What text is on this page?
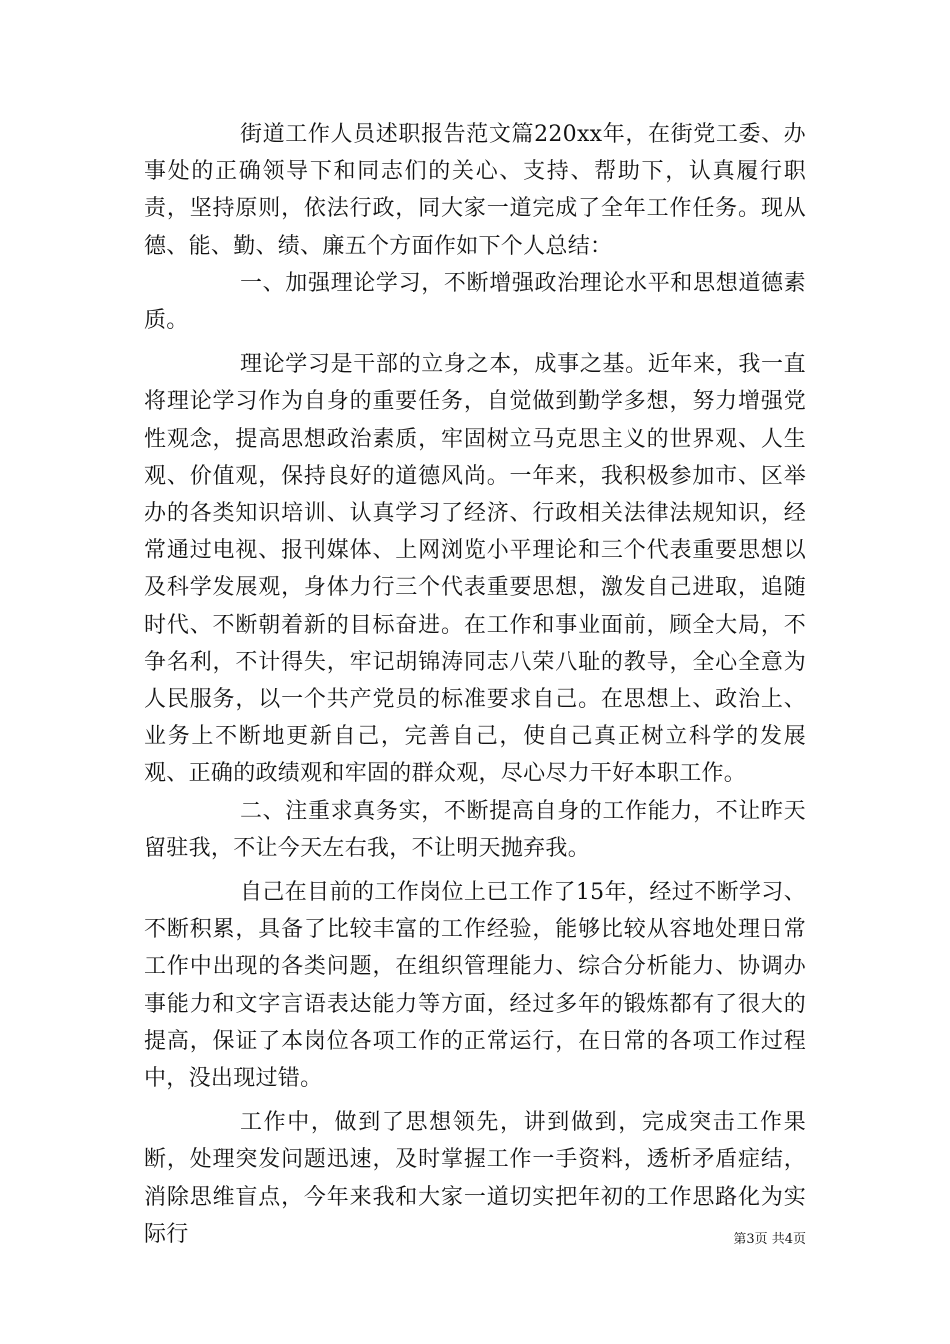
街道工作人员述职报告范文篇220xx年，在街党工委、办事处的正确领导下和同志们的关心、支持、帮助下，认真履行职责，坚持原则，依法行政，同大家一道完成了全年工作任务。现从德、能、勤、绩、廉五个方面作如下个人总结：

一、加强理论学习，不断增强政治理论水平和思想道德素质。

理论学习是干部的立身之本，成事之基。近年来，我一直将理论学习作为自身的重要任务，自觉做到勤学多想，努力增强党性观念，提高思想政治素质，牢固树立马克思主义的世界观、人生观、价值观，保持良好的道德风尚。一年来，我积极参加市、区举办的各类知识培训、认真学习了经济、行政相关法律法规知识，经常通过电视、报刊媒体、上网浏览小平理论和三个代表重要思想以及科学发展观，身体力行三个代表重要思想，激发自己进取，追随时代、不断朝着新的目标奋进。在工作和事业面前，顾全大局，不争名利，不计得失，牢记胡锦涛同志八荣八耻的教导，全心全意为人民服务，以一个共产党员的标准要求自己。在思想上、政治上、业务上不断地更新自己，完善自己，使自己真正树立科学的发展观、正确的政绩观和牢固的群众观，尽心尽力干好本职工作。

二、注重求真务实，不断提高自身的工作能力，不让昨天留驻我，不让今天左右我，不让明天抛弃我。

自己在目前的工作岗位上已工作了15年，经过不断学习、不断积累，具备了比较丰富的工作经验，能够比较从容地处理日常工作中出现的各类问题，在组织管理能力、综合分析能力、协调办事能力和文字言语表达能力等方面，经过多年的锻炼都有了很大的提高，保证了本岗位各项工作的正常运行，在日常的各项工作过程中，没出现过错。

工作中，做到了思想领先，讲到做到，完成突击工作果断，处理突发问题迅速，及时掌握工作一手资料，透析矛盾症结，消除思维盲点，今年来我和大家一道切实把年初的工作思路化为实际行	第3页 共4页
